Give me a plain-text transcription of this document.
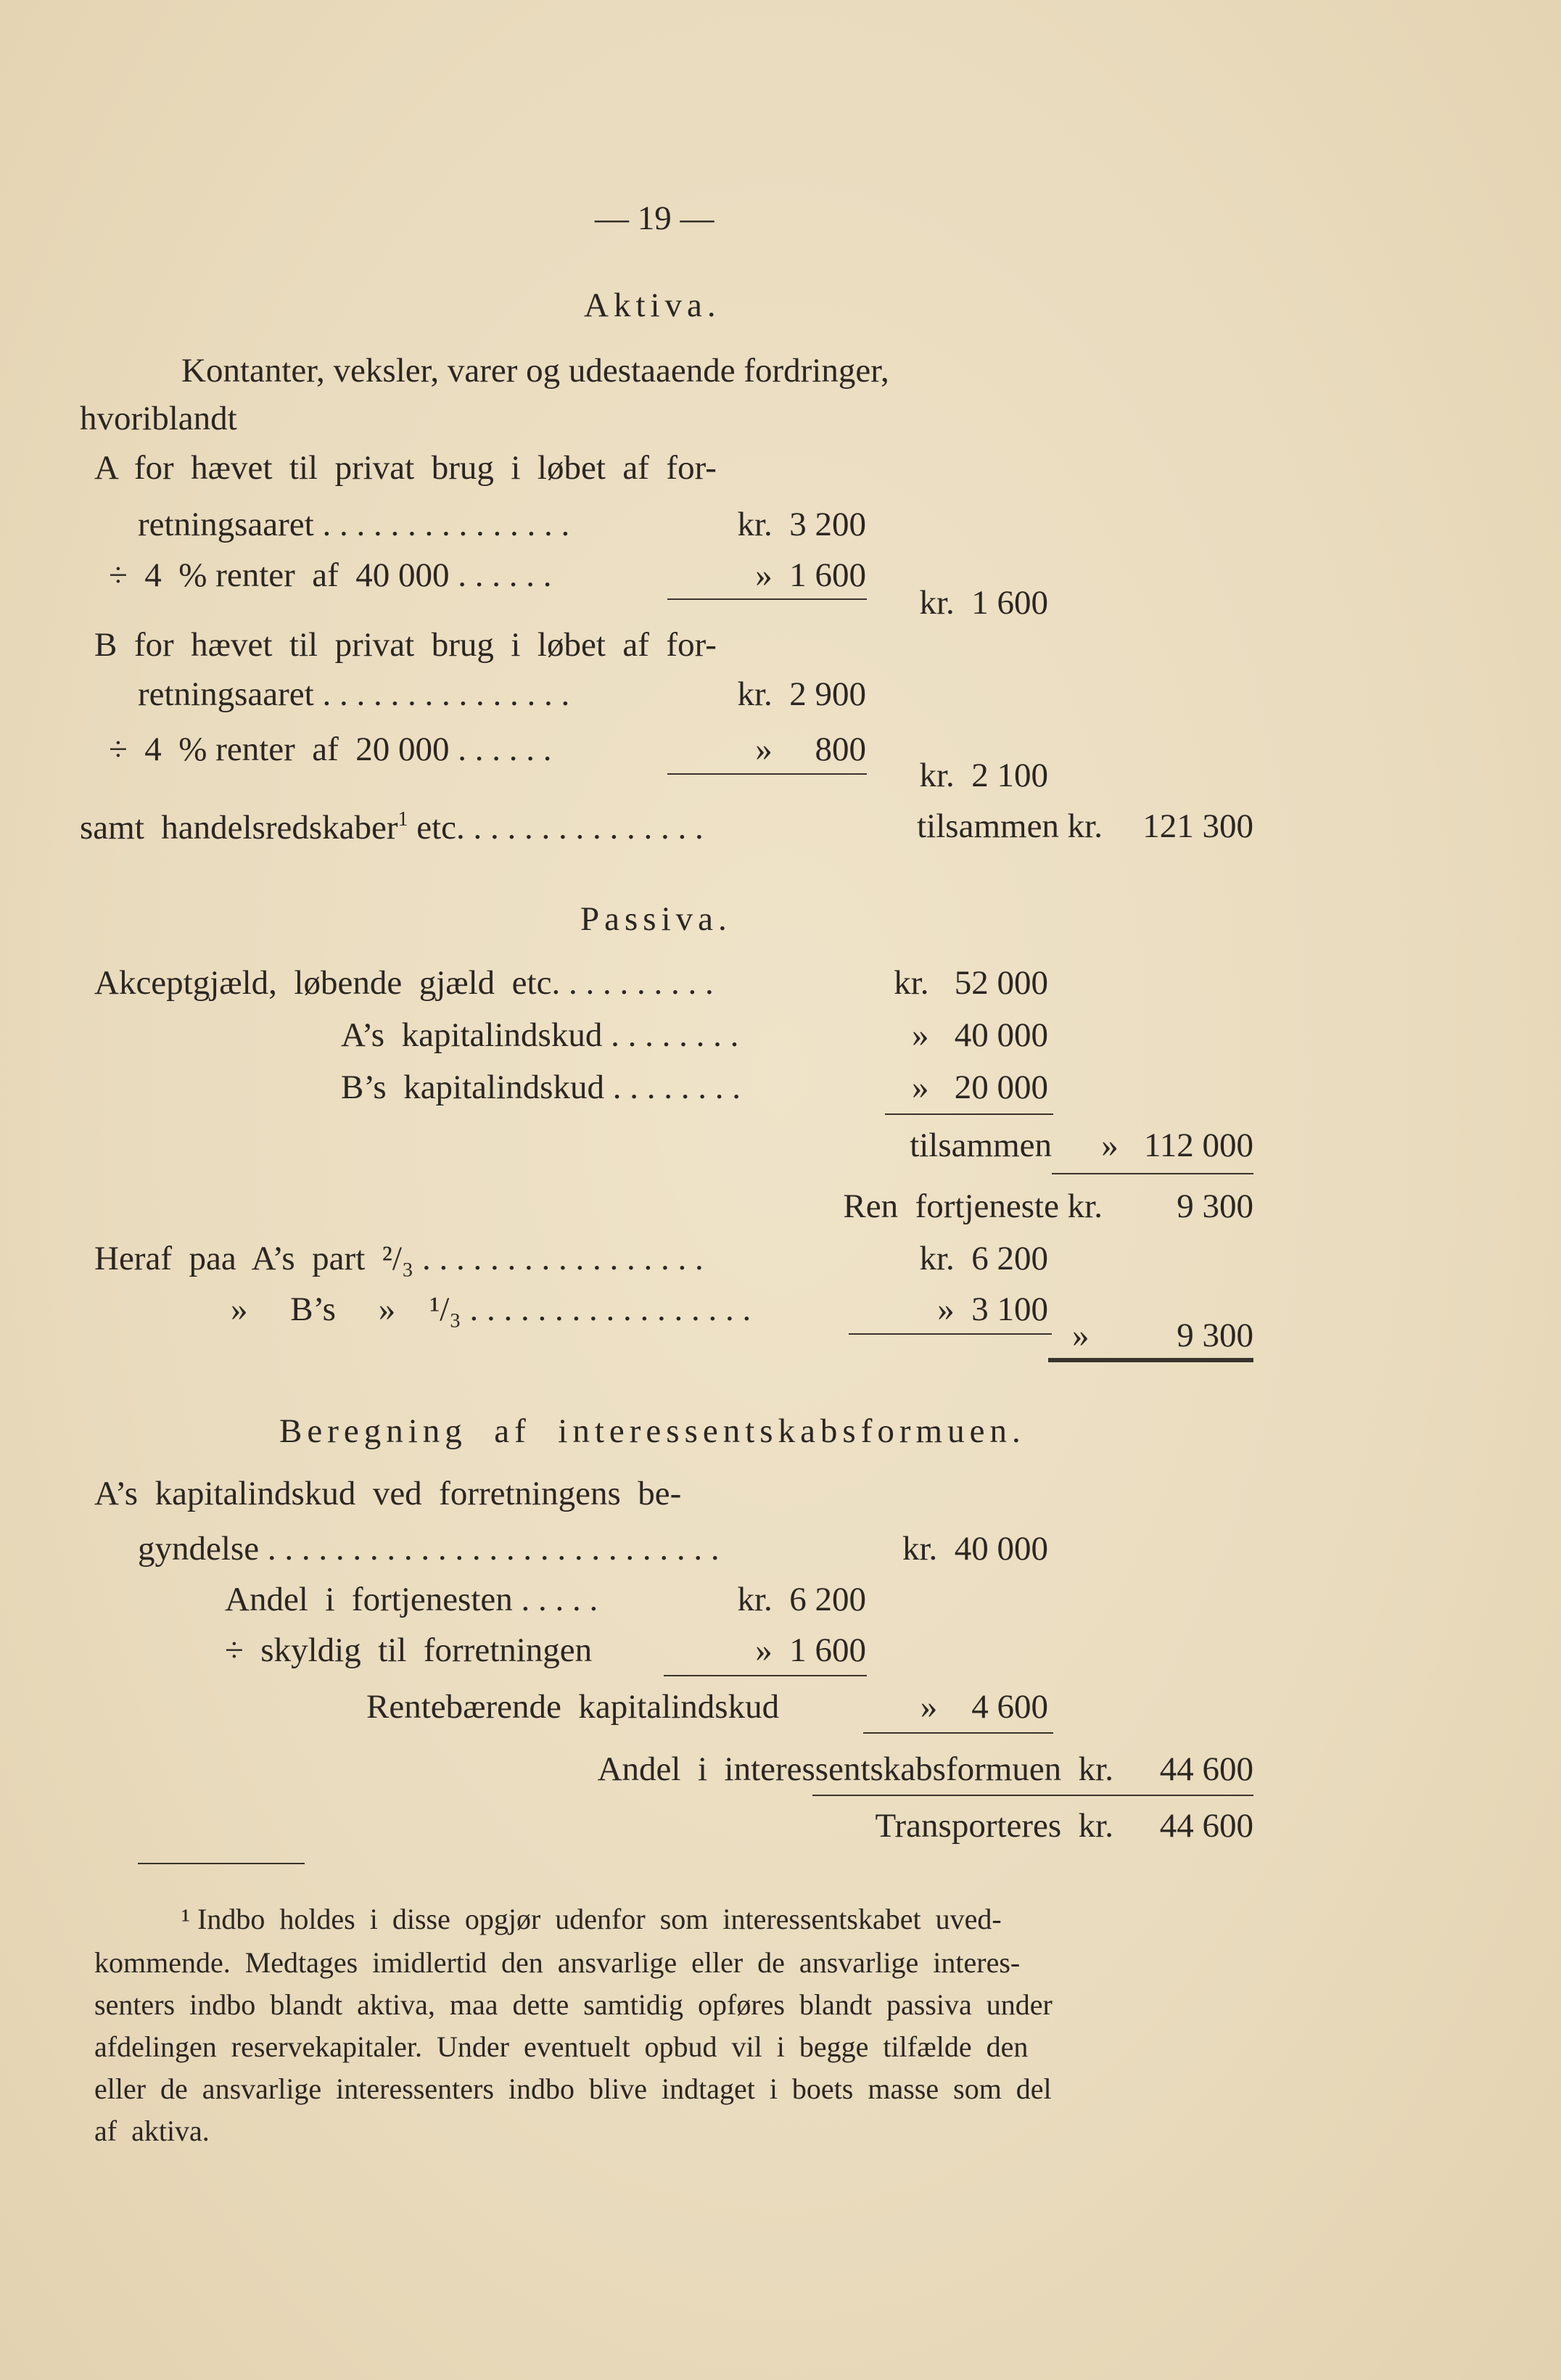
— 19 —
Aktiva.
Kontanter, veksler, varer og udestaaende fordringer,
hvoriblandt
A  for  hævet  til  privat  brug  i  løbet  af  for-
retningsaaret . . . . . . . . . . . . . . .	kr.  3 200
÷  4  % renter  af  40 000 . . . . . .	»  1 600
kr.  1 600
B  for  hævet  til  privat  brug  i  løbet  af  for-
retningsaaret . . . . . . . . . . . . . . .	kr.  2 900
÷  4  % renter  af  20 000 . . . . . .	»     800
kr.  2 100
samt  handelsredskaber$^1$ etc. . . . . . . . . . . . . . .	tilsammen kr.	121 300
Passiva.
Akceptgjæld,  løbende  gjæld  etc. . . . . . . . . .	kr.   52 000
A’s  kapitalindskud . . . . . . . .	»   40 000
B’s  kapitalindskud . . . . . . . .	»   20 000
tilsammen	»   112 000
Ren  fortjeneste kr.	9 300
Heraf  paa  A’s  part  ²/₃ . . . . . . . . . . . . . . . . .	kr.  6 200
»     B’s     »    ¹/₃ . . . . . . . . . . . . . . . . .	»  3 100
»	9 300
Beregning  af  interessentskabsformuen.
A’s  kapitalindskud  ved  forretningens  be-
gyndelse . . . . . . . . . . . . . . . . . . . . . . . . . . .	kr.  40 000
Andel  i  fortjenesten . . . . .	kr.  6 200
÷  skyldig  til  forretningen	»  1 600
Rentebærende  kapitalindskud	»    4 600
Andel  i  interessentskabsformuen  kr.	44 600
Transporteres  kr.	44 600
¹ Indbo  holdes  i  disse  opgjør  udenfor  som  interessentskabet  uved-
kommende.  Medtages  imidlertid  den  ansvarlige  eller  de  ansvarlige  interes-
senters  indbo  blandt  aktiva,  maa  dette  samtidig  opføres  blandt  passiva  under
afdelingen  reservekapitaler.  Under  eventuelt  opbud  vil  i  begge  tilfælde  den
eller  de  ansvarlige  interessenters  indbo  blive  indtaget  i  boets  masse  som  del
af  aktiva.
